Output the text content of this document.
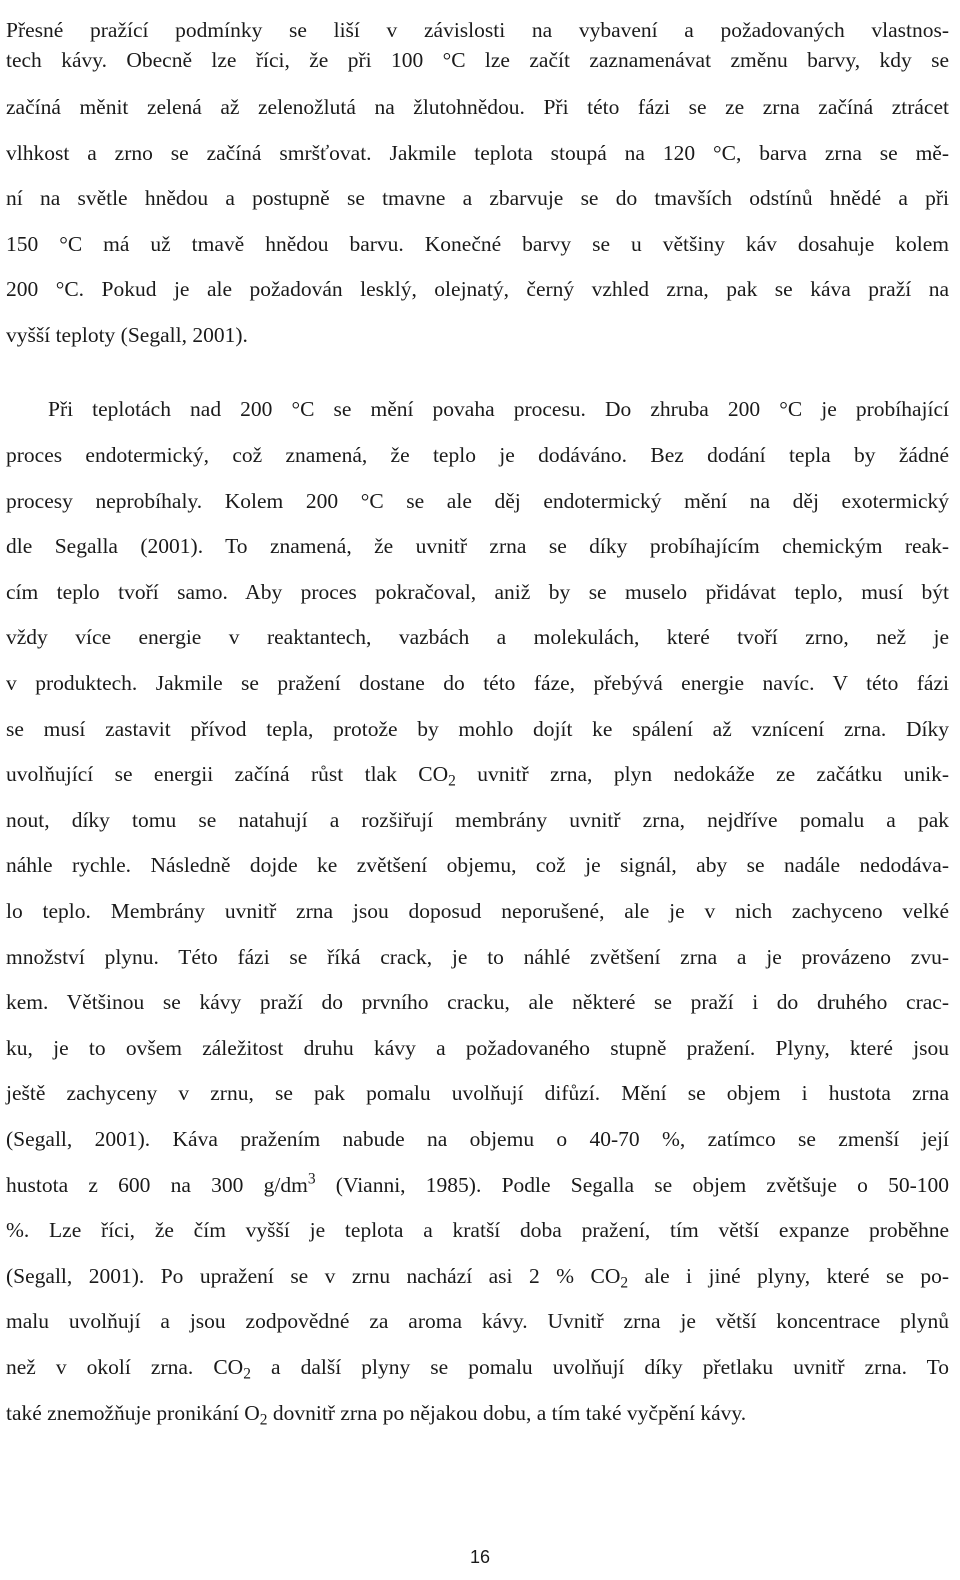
Přesné pražící podmínky se liší v závislosti na vybavení a požadovaných vlastnos-
tech kávy. Obecně lze říci, že při 100 °C lze začít zaznamenávat změnu barvy, kdy se
začíná měnit zelená až zelenožlutá na žlutohnědou. Při této fázi se ze zrna začíná ztrácet
vlhkost a zrno se začíná smršťovat. Jakmile teplota stoupá na 120 °C, barva zrna se mě-
ní na světle hnědou a postupně se tmavne a zbarvuje se do tmavších odstínů hnědé a při
150 °C má už tmavě hnědou barvu. Konečné barvy se u většiny káv dosahuje kolem
200 °C. Pokud je ale požadován lesklý, olejnatý, černý vzhled zrna, pak se káva praží na
vyšší teploty (Segall, 2001).
Při teplotách nad 200 °C se mění povaha procesu. Do zhruba 200 °C je probíhající
proces endotermický, což znamená, že teplo je dodáváno. Bez dodání tepla by žádné
procesy neprobíhaly. Kolem 200 °C se ale děj endotermický mění na děj exotermický
dle Segalla (2001). To znamená, že uvnitř zrna se díky probíhajícím chemickým reak-
cím teplo tvoří samo. Aby proces pokračoval, aniž by se muselo přidávat teplo, musí být
vždy více energie v reaktantech, vazbách a molekulách, které tvoří zrno, než je
v produktech. Jakmile se pražení dostane do této fáze, přebývá energie navíc. V této fázi
se musí zastavit přívod tepla, protože by mohlo dojít ke spálení až vznícení zrna. Díky
uvolňující se energii začíná růst tlak $CO_2$ uvnitř zrna, plyn nedokáže ze začátku unik-
nout, díky tomu se natahují a rozšiřují membrány uvnitř zrna, nejdříve pomalu a pak
náhle rychle. Následně dojde ke zvětšení objemu, což je signál, aby se nadále nedodáva-
lo teplo. Membrány uvnitř zrna jsou doposud neporušené, ale je v nich zachyceno velké
množství plynu. Této fázi se říká crack, je to náhlé zvětšení zrna a je provázeno zvu-
kem. Většinou se kávy praží do prvního cracku, ale některé se praží i do druhého crac-
ku, je to ovšem záležitost druhu kávy a požadovaného stupně pražení. Plyny, které jsou
ještě zachyceny v zrnu, se pak pomalu uvolňují difůzí. Mění se objem i hustota zrna
(Segall, 2001). Káva pražením nabude na objemu o 40-70 %, zatímco se zmenší její
hustota z 600 na 300 $g/dm^3$ (Vianni, 1985). Podle Segalla se objem zvětšuje o 50-100
%. Lze říci, že čím vyšší je teplota a kratší doba pražení, tím větší expanze proběhne
(Segall, 2001). Po upražení se v zrnu nachází asi 2 % $CO_2$ ale i jiné plyny, které se po-
malu uvolňují a jsou zodpovědné za aroma kávy. Uvnitř zrna je větší koncentrace plynů
než v okolí zrna. $CO_2$ a další plyny se pomalu uvolňují díky přetlaku uvnitř zrna. To
také znemožňuje pronikání $O_2$ dovnitř zrna po nějakou dobu, a tím také vyčpění kávy.
16
